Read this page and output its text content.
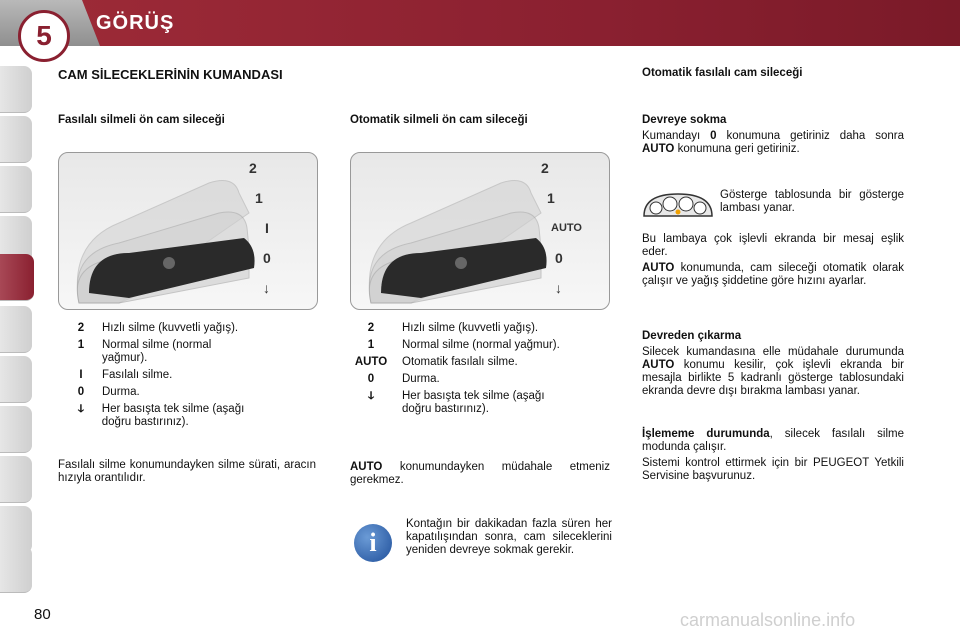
5	GÖRÜŞ
CAM SİLECEKLERİNİN KUMANDASI
Fasılalı silmeli ön cam sileceği
2
1
I
0
↓
2	Hızlı silme (kuvvetli yağış).
1	Normal silme (normal yağmur).
I	Fasılalı silme.
0	Durma.
ↆ	Her basışta tek silme (aşağı doğru bastırınız).
Fasılalı silme konumundayken silme sürati, aracın hızıyla orantılıdır.
Otomatik silmeli ön cam sileceği
2
1
AUTO
0
↓
2	Hızlı silme (kuvvetli yağış).
1	Normal silme (normal yağmur).
AUTO	Otomatik fasılalı silme.
0	Durma.
ↆ	Her basışta tek silme (aşağı doğru bastırınız).
AUTO konumundayken müdahale etmeniz gerekmez.
i
Kontağın bir dakikadan fazla süren her kapatılışından sonra, cam sileceklerini yeniden devreye sokmak gerekir.
Otomatik fasılalı cam sileceği
Devreye sokma
Kumandayı 0 konumuna getiriniz daha sonra AUTO konumuna geri getiriniz.
Gösterge tablosunda bir gösterge lambası yanar.
Bu lambaya çok işlevli ekranda bir mesaj eşlik eder.
AUTO konumunda, cam sileceği otomatik olarak çalışır ve yağış şiddetine göre hızını ayarlar.
Devreden çıkarma
Silecek kumandasına elle müdahale durumunda AUTO konumu kesilir, çok işlevli ekranda bir mesajla birlikte 5 kadranlı gösterge tablosundaki ekranda devre dışı bırakma lambası yanar.
İşlememe durumunda, silecek fasılalı silme modunda çalışır.
Sistemi kontrol ettirmek için bir PEUGEOT Yetkili Servisine başvurunuz.
80	carmanualsonline.info
